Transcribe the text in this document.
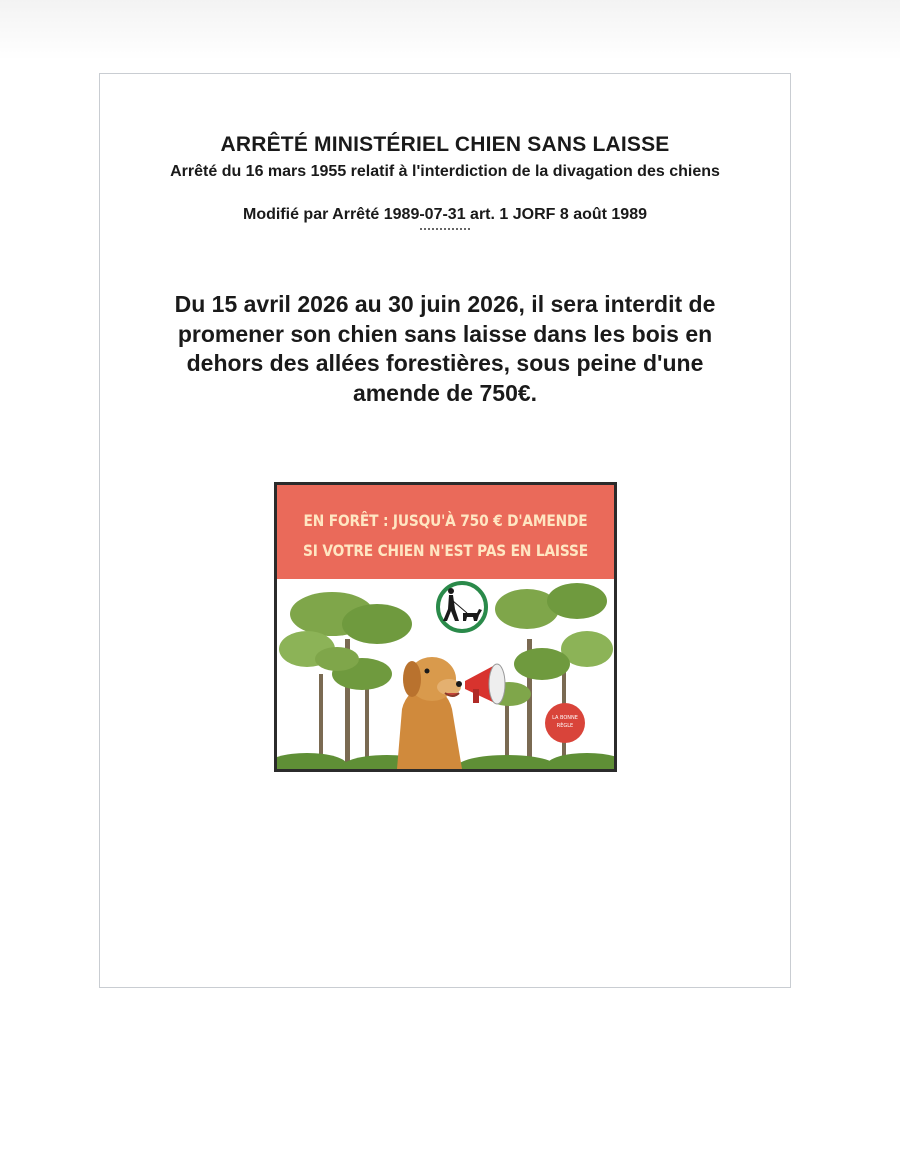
ARRÊTÉ MINISTÉRIEL CHIEN SANS LAISSE
Arrêté du 16 mars 1955 relatif à l'interdiction de la divagation des chiens
Modifié par Arrêté 1989-07-31 art. 1 JORF 8 août 1989
Du 15 avril 2026 au 30 juin 2026, il sera interdit de promener son chien sans laisse dans les bois en dehors des allées forestières, sous peine d'une amende de 750€.
EN FORÊT : JUSQU'À 750 € D'AMENDE
SI VOTRE CHIEN N'EST PAS EN LAISSE
LA BONNE
RÈGLE
